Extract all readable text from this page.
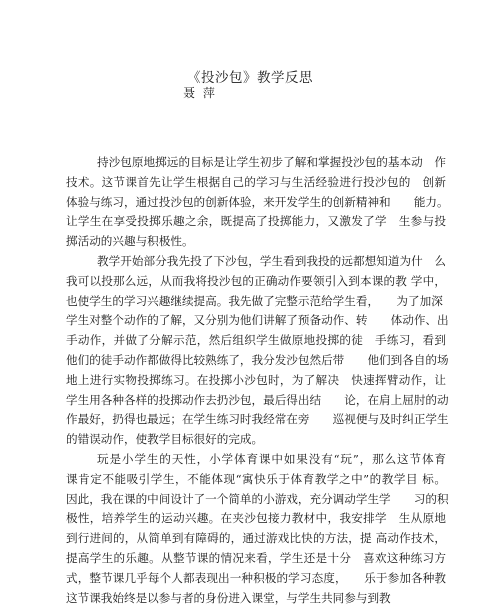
《投沙包》教学反思
聂 萍
持沙包原地掷远的目标是让学生初步了解和掌握投沙包的基本动　作
技术。这节课首先让学生根据自己的学习与生活经验进行投沙包的　创新
体验与练习，通过投沙包的创新体验，来开发学生的创新精神和　　能力。
让学生在享受投掷乐趣之余，既提高了投掷能力，又激发了学　生参与投
掷活动的兴趣与积极性。
教学开始部分我先投了下沙包，学生看到我投的远都想知道为什　么
我可以投那么远，从而我将投沙包的正确动作要领引入到本课的教 学中，
也使学生的学习兴趣继续提高。我先做了完整示范给学生看，　　为了加深
学生对整个动作的了解，又分别为他们讲解了预备动作、转　　体动作、出
手动作，并做了分解示范，然后组织学生做原地投掷的徒　手练习，看到
他们的徒手动作都做得比较熟练了，我分发沙包然后带　　他们到各自的场
地上进行实物投掷练习。在投掷小沙包时，为了解决　快速挥臂动作，让
学生用各种各样的投掷动作去扔沙包，最后得出结　　论，在肩上屈肘的动
作最好，扔得也最远；在学生练习时我经常在旁　　巡视便与及时纠正学生
的错误动作，使教学目标很好的完成。
玩是小学生的天性，小学体育课中如果没有“玩”，那么这节体育
课肯定不能吸引学生，不能体现“寓快乐于体育教学之中”的教学目 标。
因此，我在课的中间设计了一个简单的小游戏，充分调动学生学　　习的积
极性，培养学生的运动兴趣。在夹沙包接力教材中，我安排学　生从原地
到行进间的，从简单到有障碍的，通过游戏比快的方法，提 高动作技术，
提高学生的乐趣。从整节课的情况来看，学生还是十分　喜欢这种练习方
式，整节课几乎每个人都表现出一种积极的学习态度，　　乐于参加各种教
这节课我始终是以参与者的身份进入课堂，与学生共同参与到教
